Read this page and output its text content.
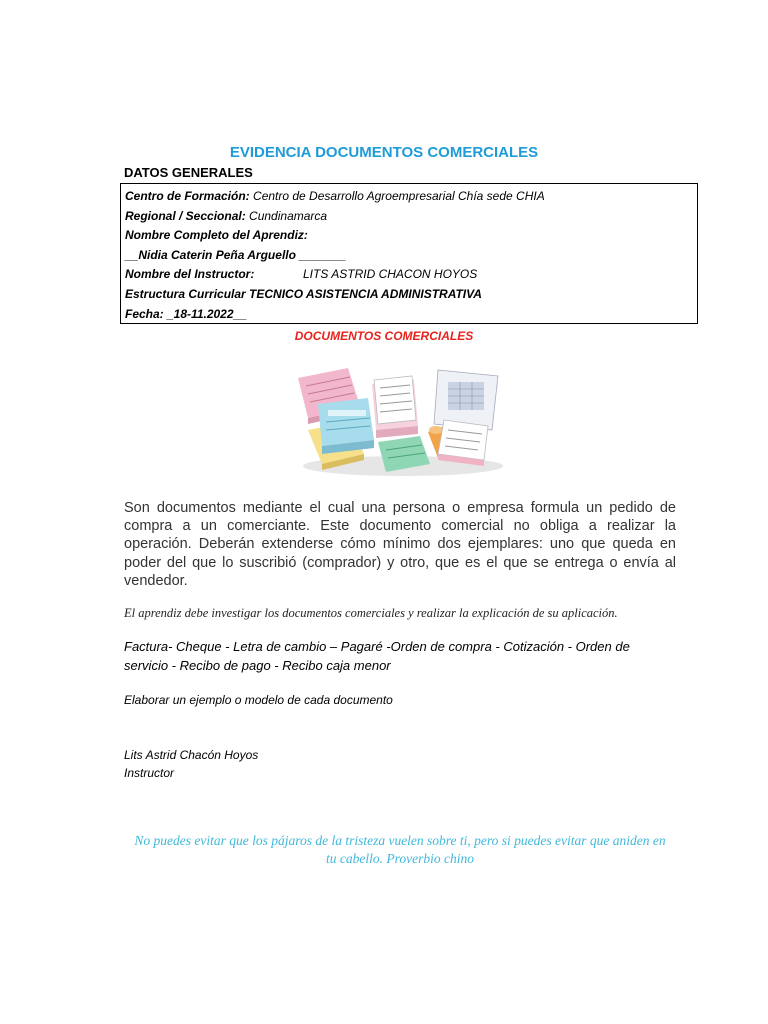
EVIDENCIA DOCUMENTOS COMERCIALES
DATOS GENERALES
Centro de Formación: Centro de Desarrollo Agroempresarial Chía sede CHIA
Regional / Seccional: Cundinamarca
Nombre Completo del Aprendiz:
__Nidia Caterin Peña Arguello _______
Nombre del Instructor:	LITS ASTRID CHACON HOYOS
Estructura Curricular TECNICO ASISTENCIA ADMINISTRATIVA
Fecha: _18-11.2022__
DOCUMENTOS COMERCIALES
Son documentos mediante el cual una persona o empresa formula un pedido de compra a un comerciante. Este documento comercial no obliga a realizar la operación. Deberán extenderse cómo mínimo dos ejemplares: uno que queda en poder del que lo suscribió (comprador) y otro, que es el que se entrega o envía al vendedor.
El aprendiz debe investigar los documentos comerciales y realizar la explicación de su aplicación.
Factura- Cheque - Letra de cambio – Pagaré -Orden de compra - Cotización - Orden de servicio - Recibo de pago - Recibo caja menor
Elaborar un ejemplo o modelo de cada documento
Lits Astrid Chacón Hoyos
Instructor
No puedes evitar que los pájaros de la tristeza vuelen sobre ti, pero si puedes evitar que aniden en tu cabello. Proverbio chino
